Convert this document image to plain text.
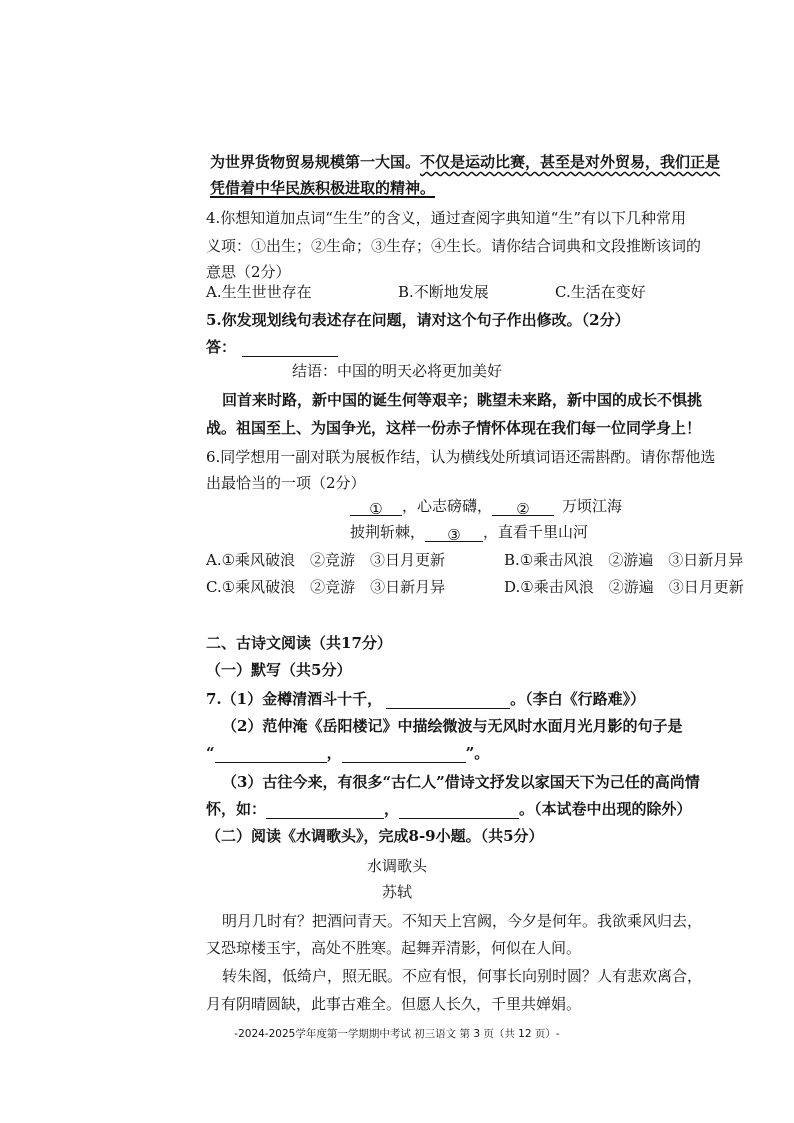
为世界货物贸易规模第一大国。不仅是运动比赛，甚至是对外贸易，我们正是
凭借着中华民族积极进取的精神。
4.你想知道加点词“生生”的含义，通过查阅字典知道“生”有以下几种常用
义项：①出生；②生命；③生存；④生长。请你结合词典和文段推断该词的
意思（2分）
A.生生世世存在	B.不断地发展	C.生活在变好
5.你发现划线句表述存在问题，请对这个句子作出修改。（2分）
答：
结语：中国的明天必将更加美好
回首来时路，新中国的诞生何等艰辛；眺望未来路，新中国的成长不惧挑
战。祖国至上、为国争光，这样一份赤子情怀体现在我们每一位同学身上！
6.同学想用一副对联为展板作结，认为横线处所填词语还需斟酌。请你帮他选
出最恰当的一项（2分）
① ，心志磅礴， ② 万顷江海
披荆斩棘， ③ ，直看千里山河
A.①乘风破浪　②竞游　③日月更新	B.①乘击风浪　②游遍　③日新月异
C.①乘风破浪　②竞游　③日新月异	D.①乘击风浪　②游遍　③日月更新
二、古诗文阅读（共17分）
（一）默写（共5分）
7.（1）金樽清酒斗十千，	。（李白《行路难》）
（2）范仲淹《岳阳楼记》中描绘微波与无风时水面月光月影的句子是
“	，	”。
（3）古往今来，有很多“古仁人”借诗文抒发以家国天下为己任的高尚情
怀，如：	，	。（本试卷中出现的除外）
（二）阅读《水调歌头》，完成8-9小题。（共5分）
水调歌头
苏轼
明月几时有？把酒问青天。不知天上宫阙，今夕是何年。我欲乘风归去，
又恐琼楼玉宇，高处不胜寒。起舞弄清影，何似在人间。
转朱阁，低绮户，照无眠。不应有恨，何事长向别时圆？人有悲欢离合，
月有阴晴圆缺，此事古难全。但愿人长久，千里共婵娟。
-2024-2025学年度第一学期期中考试 初三语文 第 3 页（共 12 页）-
